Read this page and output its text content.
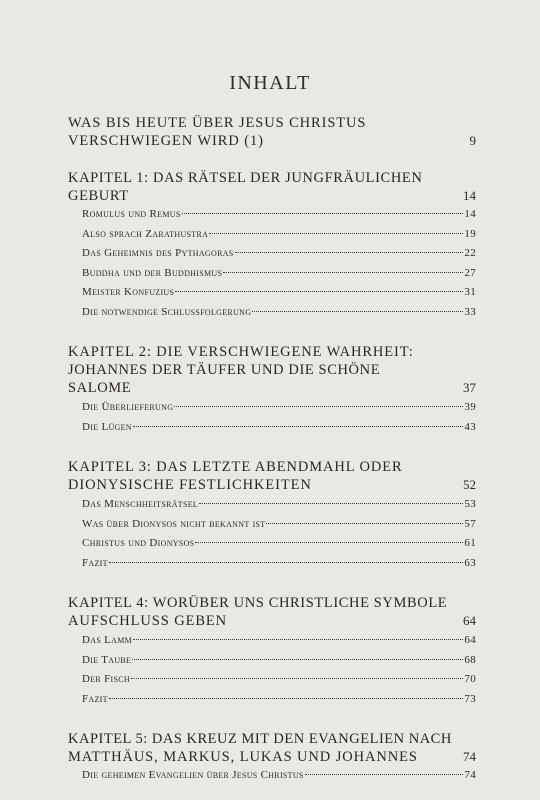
INHALT
WAS BIS HEUTE ÜBER JESUS CHRISTUS
VERSCHWIEGEN WIRD (1)	9
KAPITEL 1: DAS RÄTSEL DER JUNGFRÄULICHEN GEBURT	14
Romulus und Remus	14
Also sprach Zarathustra	19
Das Geheimnis des Pythagoras	22
Buddha und der Buddhismus	27
Meister Konfuzius	31
Die notwendige Schlussfolgerung	33
KAPITEL 2: DIE VERSCHWIEGENE WAHRHEIT:
JOHANNES DER TÄUFER UND DIE SCHÖNE SALOME	37
Die Überlieferung	39
Die Lügen	43
KAPITEL 3: DAS LETZTE ABENDMAHL ODER
DIONYSISCHE FESTLICHKEITEN	52
Das Menschheitsrätsel	53
Was über Dionysos nicht bekannt ist	57
Christus und Dionysos	61
Fazit	63
KAPITEL 4: WORÜBER UNS CHRISTLICHE SYMBOLE
AUFSCHLUSS GEBEN	64
Das Lamm	64
Die Taube	68
Der Fisch	70
Fazit	73
KAPITEL 5: DAS KREUZ MIT DEN EVANGELIEN NACH
MATTHÄUS, MARKUS, LUKAS UND JOHANNES	74
Die geheimen Evangelien über Jesus Christus	74
